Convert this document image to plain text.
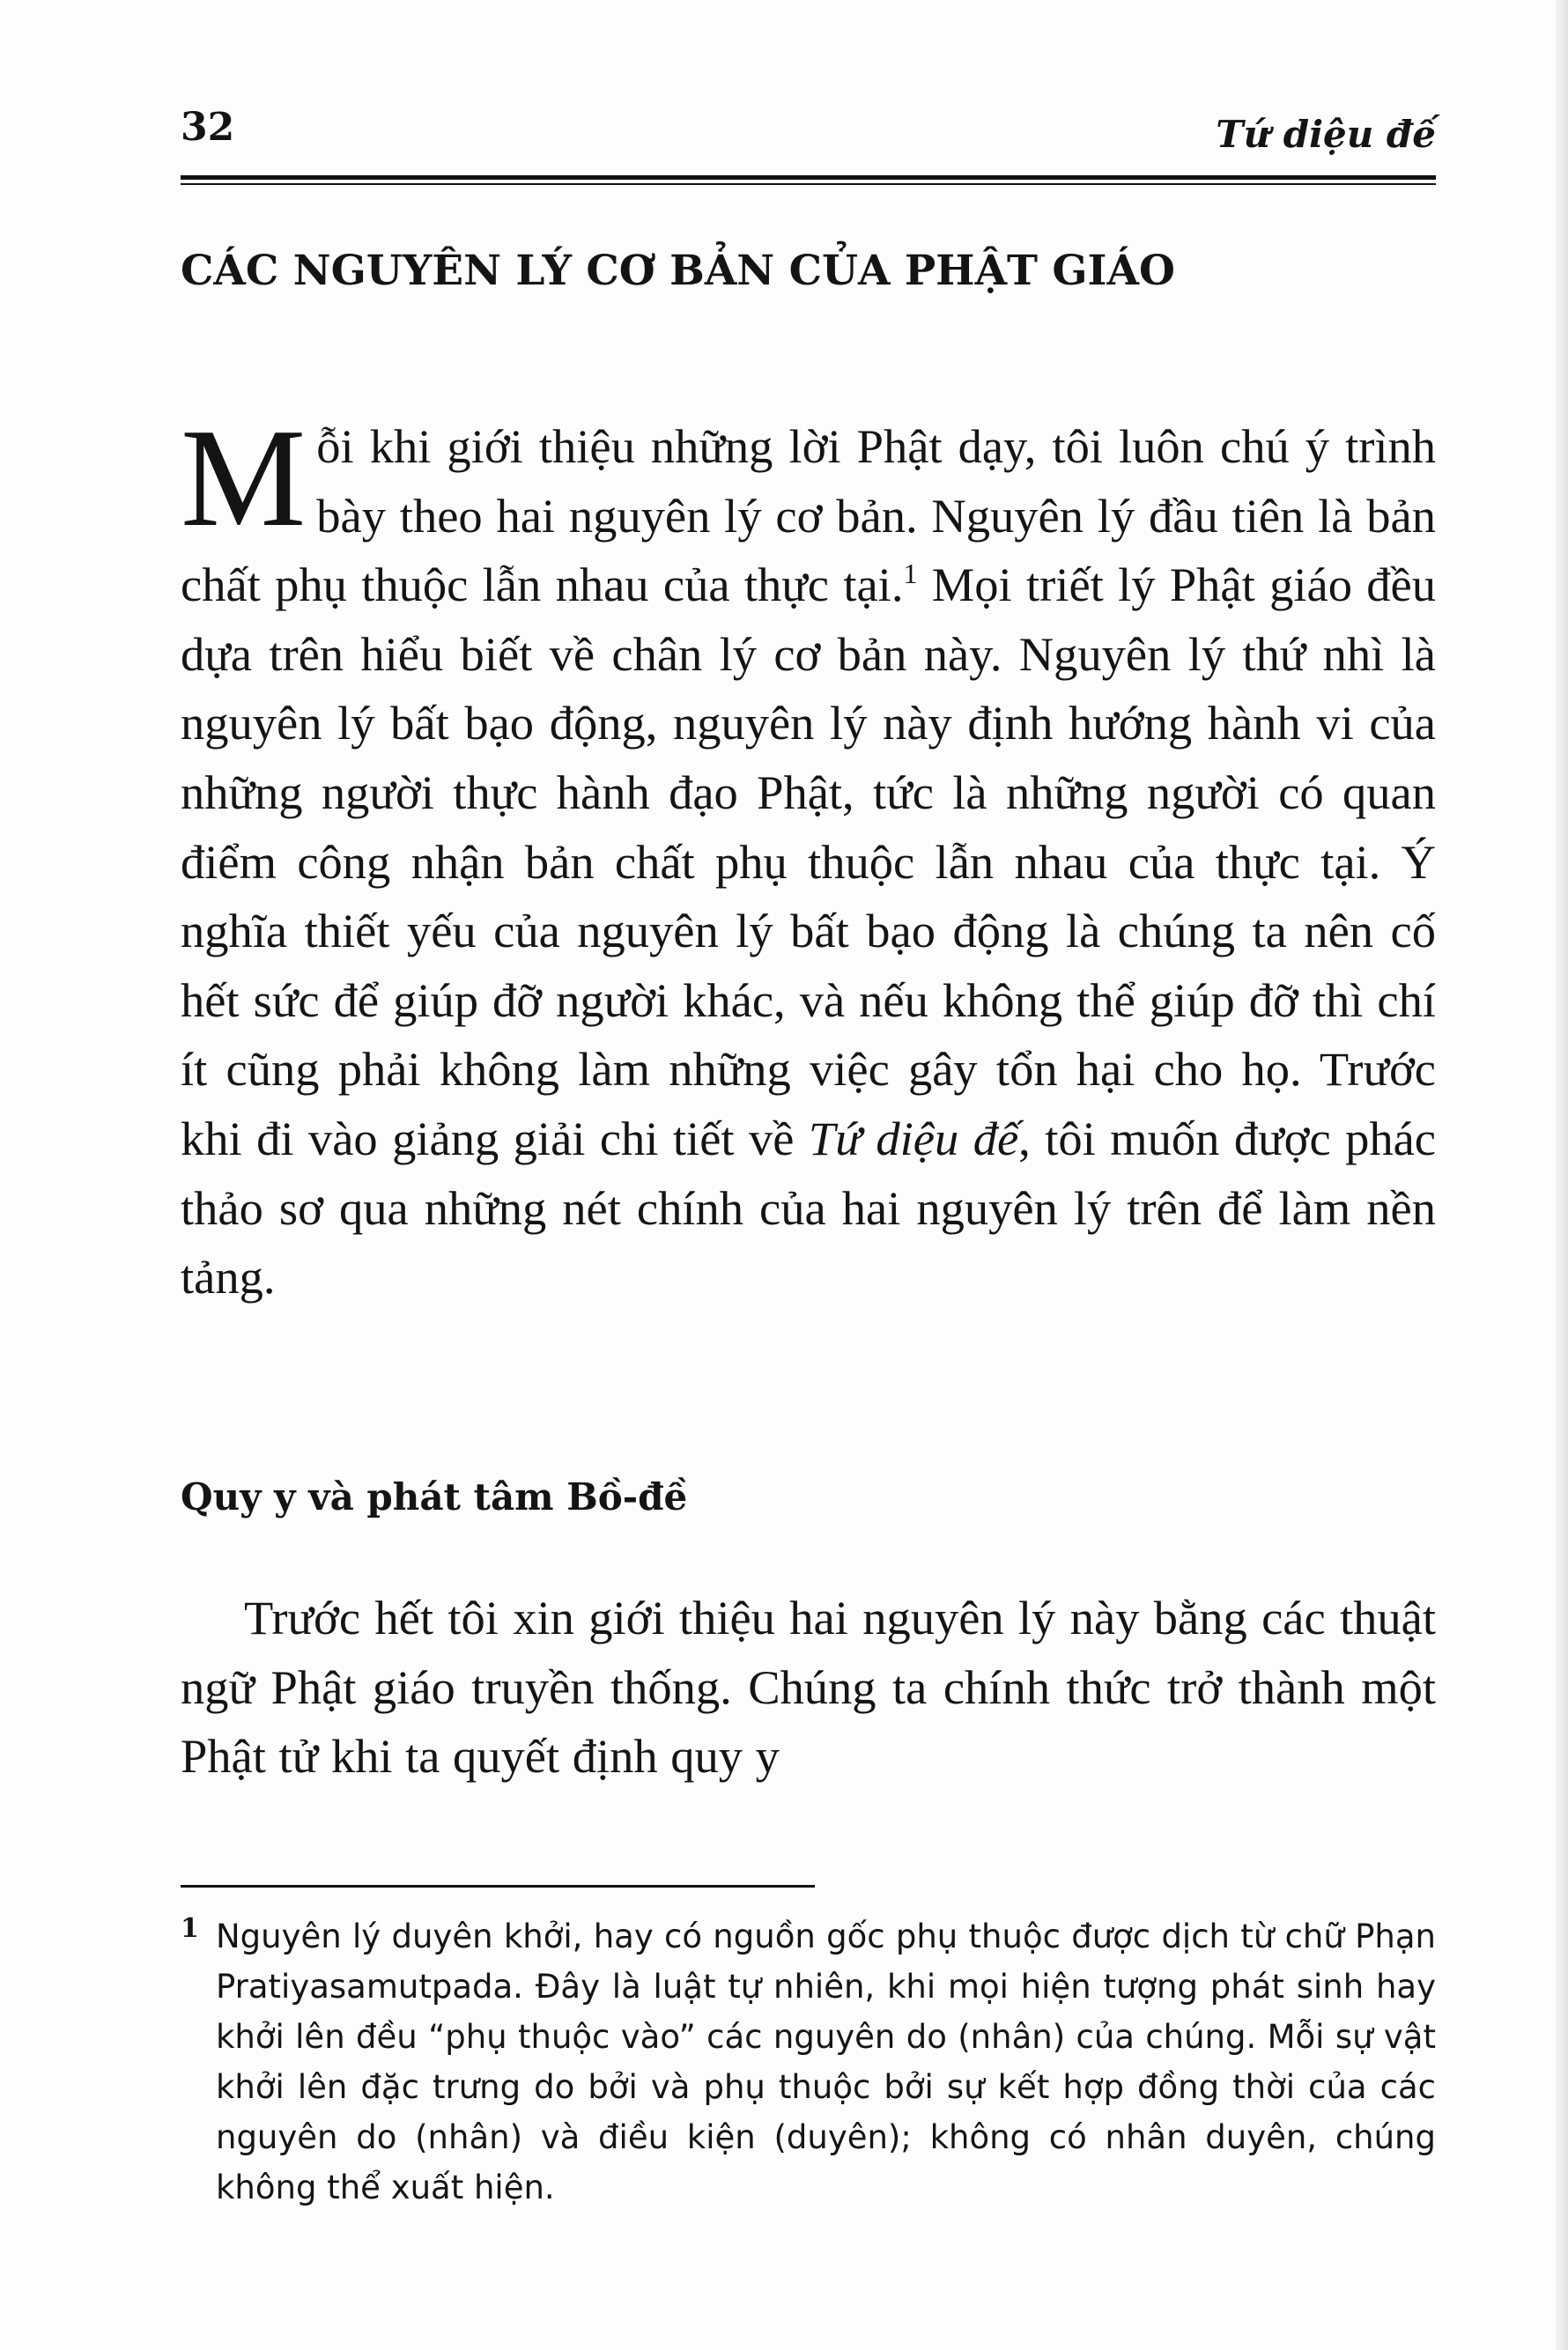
32	Tứ diệu đế
CÁC NGUYÊN LÝ CƠ BẢN CỦA PHẬT GIÁO

Mỗi khi giới thiệu những lời Phật dạy, tôi luôn chú ý trình bày theo hai nguyên lý cơ bản. Nguyên lý đầu tiên là bản chất phụ thuộc lẫn nhau của thực tại.$^1$ Mọi triết lý Phật giáo đều dựa trên hiểu biết về chân lý cơ bản này. Nguyên lý thứ nhì là nguyên lý bất bạo động, nguyên lý này định hướng hành vi của những người thực hành đạo Phật, tức là những người có quan điểm công nhận bản chất phụ thuộc lẫn nhau của thực tại. Ý nghĩa thiết yếu của nguyên lý bất bạo động là chúng ta nên cố hết sức để giúp đỡ người khác, và nếu không thể giúp đỡ thì chí ít cũng phải không làm những việc gây tổn hại cho họ. Trước khi đi vào giảng giải chi tiết về Tứ diệu đế, tôi muốn được phác thảo sơ qua những nét chính của hai nguyên lý trên để làm nền tảng.

Quy y và phát tâm Bồ-đề

Trước hết tôi xin giới thiệu hai nguyên lý này bằng các thuật ngữ Phật giáo truyền thống. Chúng ta chính thức trở thành một Phật tử khi ta quyết định quy y

1 Nguyên lý duyên khởi, hay có nguồn gốc phụ thuộc được dịch từ chữ Phạn Pratiyasamutpada. Đây là luật tự nhiên, khi mọi hiện tượng phát sinh hay khởi lên đều “phụ thuộc vào” các nguyên do (nhân) của chúng. Mỗi sự vật khởi lên đặc trưng do bởi và phụ thuộc bởi sự kết hợp đồng thời của các nguyên do (nhân) và điều kiện (duyên); không có nhân duyên, chúng không thể xuất hiện.
